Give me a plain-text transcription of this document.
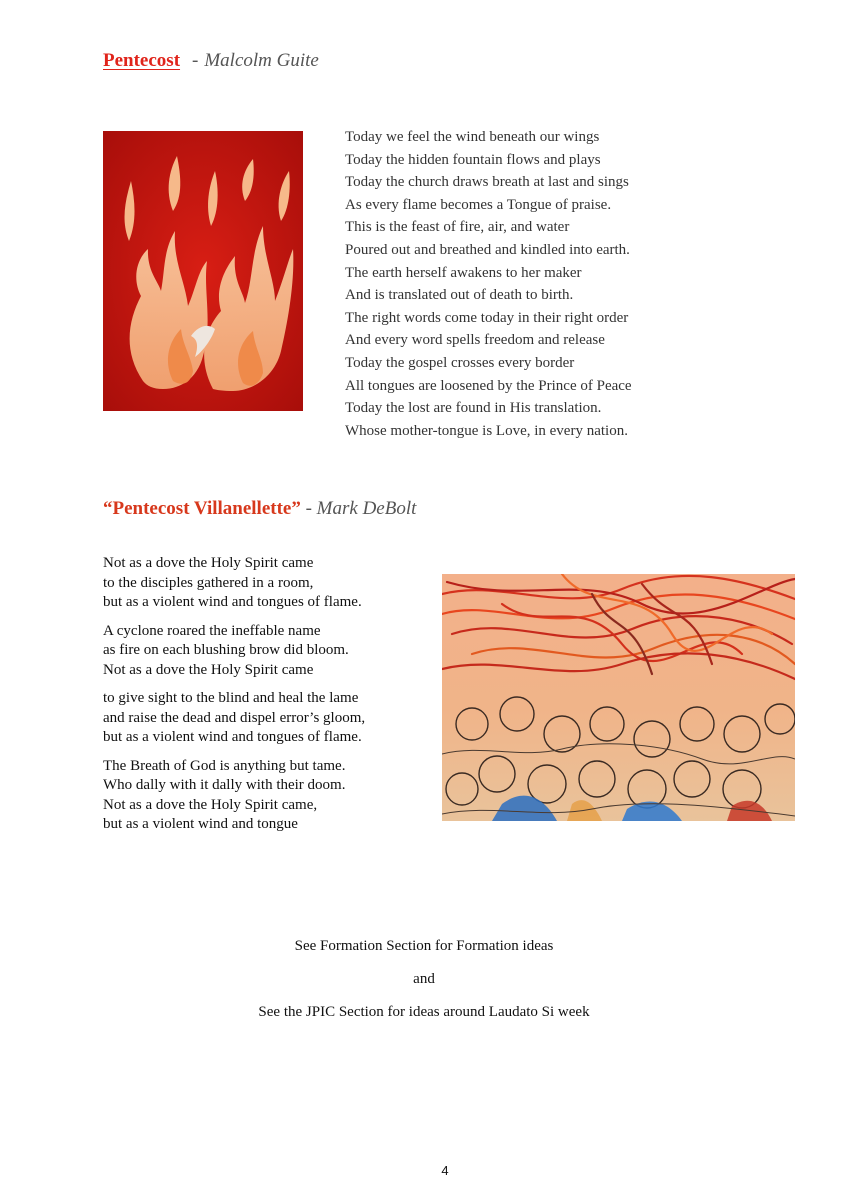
Pentecost - Malcolm Guite
Today we feel the wind beneath our wings
Today the hidden fountain flows and plays
Today the church draws breath at last and sings
As every flame becomes a Tongue of praise.
This is the feast of fire, air, and water
Poured out and breathed and kindled into earth.
The earth herself awakens to her maker
And is translated out of death to birth.
The right words come today in their right order
And every word spells freedom and release
Today the gospel crosses every border
All tongues are loosened by the Prince of Peace
Today the lost are found in His translation.
Whose mother-tongue is Love, in every nation.
“Pentecost Villanellette” - Mark DeBolt
Not as a dove the Holy Spirit came
to the disciples gathered in a room,
but as a violent wind and tongues of flame.
A cyclone roared the ineffable name
as fire on each blushing brow did bloom.
Not as a dove the Holy Spirit came
to give sight to the blind and heal the lame
and raise the dead and dispel error’s gloom,
but as a violent wind and tongues of flame.
The Breath of God is anything but tame.
Who dally with it dally with their doom.
Not as a dove the Holy Spirit came,
but as a violent wind and tongue
See Formation Section for Formation ideas
and
See the JPIC Section for ideas around Laudato Si week
4
